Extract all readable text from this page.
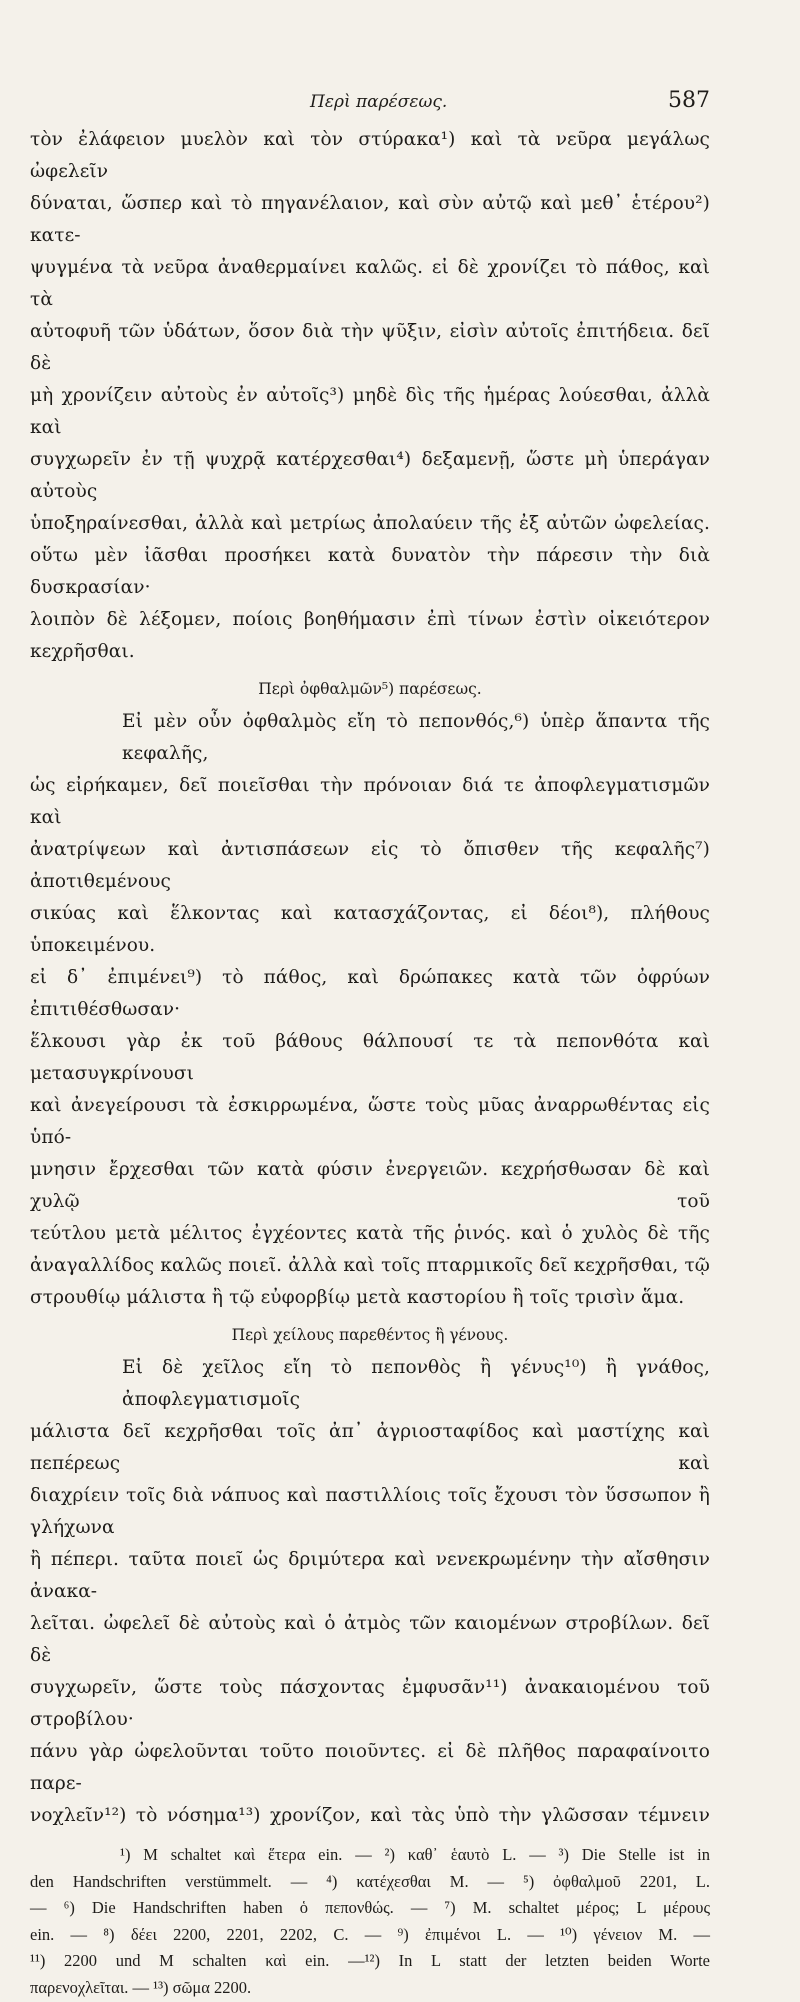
Περὶ παρέσεως.	587
τὸν ἐλάφειον μυελὸν καὶ τὸν στύρακα¹) καὶ τὰ νεῦρα μεγάλως ὠφελεῖν
δύναται, ὥσπερ καὶ τὸ πηγανέλαιον, καὶ σὺν αὐτῷ καὶ μεθ᾽ ἑτέρου²) κατε-
ψυγμένα τὰ νεῦρα ἀναθερμαίνει καλῶς. εἰ δὲ χρονίζει τὸ πάθος, καὶ τὰ
αὐτοφυῆ τῶν ὑδάτων, ὅσον διὰ τὴν ψῦξιν, εἰσὶν αὐτοῖς ἐπιτήδεια. δεῖ δὲ
μὴ χρονίζειν αὐτοὺς ἐν αὐτοῖς³) μηδὲ δὶς τῆς ἡμέρας λούεσθαι, ἀλλὰ καὶ
συγχωρεῖν ἐν τῇ ψυχρᾷ κατέρχεσθαι⁴) δεξαμενῇ, ὥστε μὴ ὑπεράγαν αὐτοὺς
ὑποξηραίνεσθαι, ἀλλὰ καὶ μετρίως ἀπολαύειν τῆς ἐξ αὐτῶν ὠφελείας.
οὕτω μὲν ἰᾶσθαι προσήκει κατὰ δυνατὸν τὴν πάρεσιν τὴν διὰ δυσκρασίαν·
λοιπὸν δὲ λέξομεν, ποίοις βοηθήμασιν ἐπὶ τίνων ἐστὶν οἰκειότερον κεχρῆσθαι.
Περὶ ὀφθαλμῶν⁵) παρέσεως.
Εἰ μὲν οὖν ὀφθαλμὸς εἴη τὸ πεπονθός,⁶) ὑπὲρ ἅπαντα τῆς κεφαλῆς,
ὡς εἰρήκαμεν, δεῖ ποιεῖσθαι τὴν πρόνοιαν διά τε ἀποφλεγματισμῶν καὶ
ἀνατρίψεων καὶ ἀντισπάσεων εἰς τὸ ὄπισθεν τῆς κεφαλῆς⁷) ἀποτιθεμένους
σικύας καὶ ἕλκοντας καὶ κατασχάζοντας, εἰ δέοι⁸), πλήθους ὑποκειμένου.
εἰ δ᾽ ἐπιμένει⁹) τὸ πάθος, καὶ δρώπακες κατὰ τῶν ὀφρύων ἐπιτιθέσθωσαν·
ἕλκουσι γὰρ ἐκ τοῦ βάθους θάλπουσί τε τὰ πεπονθότα καὶ μετασυγκρίνουσι
καὶ ἀνεγείρουσι τὰ ἐσκιρρωμένα, ὥστε τοὺς μῦας ἀναρρωθέντας εἰς ὑπό-
μνησιν ἔρχεσθαι τῶν κατὰ φύσιν ἐνεργειῶν. κεχρήσθωσαν δὲ καὶ χυλῷ τοῦ
τεύτλου μετὰ μέλιτος ἐγχέοντες κατὰ τῆς ῥινός. καὶ ὁ χυλὸς δὲ τῆς
ἀναγαλλίδος καλῶς ποιεῖ. ἀλλὰ καὶ τοῖς πταρμικοῖς δεῖ κεχρῆσθαι, τῷ
στρουθίῳ μάλιστα ἢ τῷ εὐφορβίῳ μετὰ καστορίου ἢ τοῖς τρισὶν ἅμα.
Περὶ χείλους παρεθέντος ἢ γένους.
Εἰ δὲ χεῖλος εἴη τὸ πεπονθὸς ἢ γένυς¹⁰) ἢ γνάθος, ἀποφλεγματισμοῖς
μάλιστα δεῖ κεχρῆσθαι τοῖς ἀπ᾽ ἀγριοσταφίδος καὶ μαστίχης καὶ πεπέρεως καὶ
διαχρίειν τοῖς διὰ νάπυος καὶ παστιλλίοις τοῖς ἔχουσι τὸν ὕσσωπον ἢ γλήχωνα
ἢ πέπερι. ταῦτα ποιεῖ ὡς δριμύτερα καὶ νενεκρωμένην τὴν αἴσθησιν ἀνακα-
λεῖται. ὠφελεῖ δὲ αὐτοὺς καὶ ὁ ἀτμὸς τῶν καιομένων στροβίλων. δεῖ δὲ
συγχωρεῖν, ὥστε τοὺς πάσχοντας ἐμφυσᾶν¹¹) ἀνακαιομένου τοῦ στροβίλου·
πάνυ γὰρ ὠφελοῦνται τοῦτο ποιοῦντες. εἰ δὲ πλῆθος παραφαίνοιτο παρε-
νοχλεῖν¹²) τὸ νόσημα¹³) χρονίζον, καὶ τὰς ὑπὸ τὴν γλῶσσαν τέμνειν
¹) M schaltet καὶ ἕτερα ein. — ²) καθ᾽ ἑαυτὸ L. — ³) Die Stelle ist in
den Handschriften verstümmelt. — ⁴) κατέχεσθαι M. — ⁵) ὀφθαλμοῦ 2201, L.
— ⁶) Die Handschriften haben ὁ πεπονθώς. — ⁷) M. schaltet μέρος; L μέρους
ein. — ⁸) δέει 2200, 2201, 2202, C. — ⁹) ἐπιμένοι L. — ¹⁰) γένειον M. —
¹¹) 2200 und M schalten καὶ ein. —¹²) In L statt der letzten beiden Worte
παρενοχλεῖται. — ¹³) σῶμα 2200.
